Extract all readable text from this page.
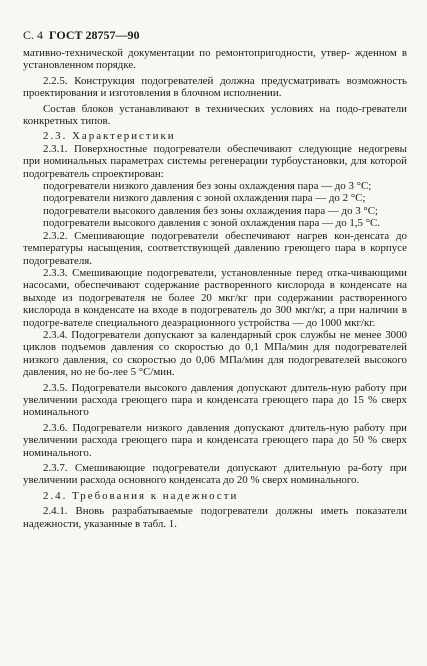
С. 4 ГОСТ 28757—90

мативно-технической документации по ремонтопригодности, утвер- жденном в установленном порядке.

2.2.5. Конструкция подогревателей должна предусматривать возможность проектирования и изготовления в блочном исполнении.

Состав блоков устанавливают в технических условиях на подо-греватели конкретных типов.

2.3. Характеристики

2.3.1. Поверхностные подогреватели обеспечивают следующие недогревы при номинальных параметрах системы регенерации турбоустановки, для которой подогреватель спроектирован:

подогреватели низкого давления без зоны охлаждения пара — до 3 °С;

подогреватели низкого давления с зоной охлаждения пара — до 2 °С;

подогреватели высокого давления без зоны охлаждения пара — до 3 °С;

подогреватели высокого давления с зоной охлаждения пара — до 1,5 °С.

2.3.2. Смешивающие подогреватели обеспечивают нагрев кон-денсата до температуры насыщения, соответствующей давлению греющего пара в корпусе подогревателя.

2.3.3. Смешивающие подогреватели, установленные перед отка-чивающими насосами, обеспечивают содержание растворенного кислорода в конденсате на выходе из подогревателя не более 20 мкг/кг при содержании растворенного кислорода в конденсате на входе в подогреватель до 300 мкг/кг, а при наличии в подогре-вателе специального деаэрационного устройства — до 1000 мкг/кг.

2.3.4. Подогреватели допускают за календарный срок службы не менее 3000 циклов подъемов давления со скоростью до 0,1 МПа/мин для подогревателей низкого давления, со скоростью до 0,06 МПа/мин для подогревателей высокого давления, но не бо-лее 5 °С/мин.

2.3.5. Подогреватели высокого давления допускают длитель-ную работу при увеличении расхода греющего пара и конденсата греющего пара до 15 % сверх номинального

2.3.6. Подогреватели низкого давления допускают длитель-ную работу при увеличении расхода греющего пара и конденсата греющего пара до 50 % сверх номинального.

2.3.7. Смешивающие подогреватели допускают длительную ра-боту при увеличении расхода основного конденсата до 20 % сверх номинального.

2.4. Требования к надежности

2.4.1. Вновь разрабатываемые подогреватели должны иметь показатели надежности, указанные в табл. 1.
